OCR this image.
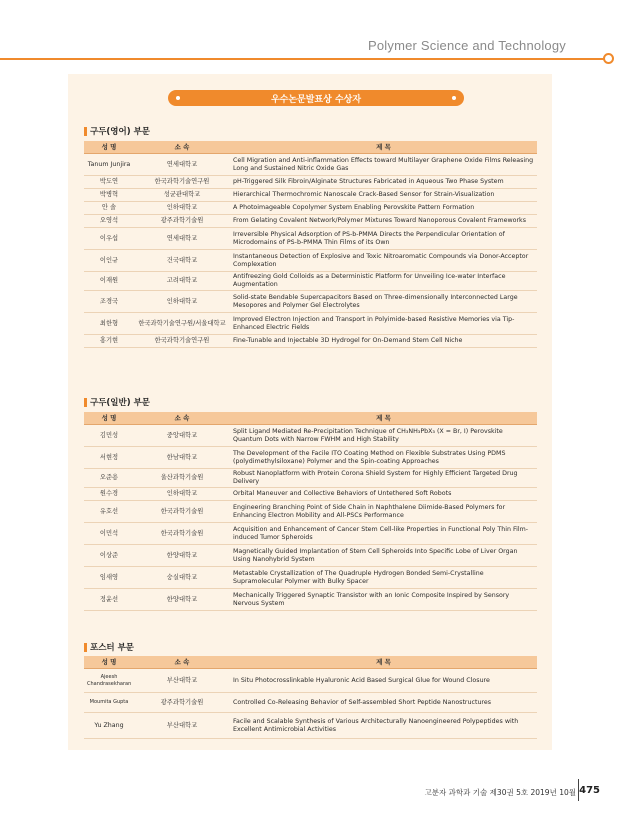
Polymer Science and Technology
우수논문발표상 수상자
구두(영어) 부문
성 명	소 속	제 목
Tanum Junjira	연세대학교	Cell Migration and Anti-inflammation Effects toward Multilayer Graphene Oxide Films Releasing Long and Sustained Nitric Oxide Gas
박도연	한국과학기술연구원	pH-Triggered Silk Fibroin/Alginate Structures Fabricated in Aqueous Two Phase System
박병혁	성균관대학교	Hierarchical Thermochromic Nanoscale Crack-Based Sensor for Strain-Visualization
안 솔	인하대학교	A Photoimageable Copolymer System Enabling Perovskite Pattern Formation
오영석	광주과학기술원	From Gelating Covalent Network/Polymer Mixtures Toward Nanoporous Covalent Frameworks
이우섭	연세대학교	Irreversible Physical Adsorption of PS-b-PMMA Directs the Perpendicular Orientation of Microdomains of PS-b-PMMA Thin Films of its Own
이인규	건국대학교	Instantaneous Detection of Explosive and Toxic Nitroaromatic Compounds via Donor-Acceptor Complexation
이재원	고려대학교	Antifreezing Gold Colloids as a Deterministic Platform for Unveiling Ice-water Interface Augmentation
조경국	인하대학교	Solid-state Bendable Supercapacitors Based on Three-dimensionally Interconnected Large Mesopores and Polymer Gel Electrolytes
최한형	한국과학기술연구원/서울대학교	Improved Electron Injection and Transport in Polyimide-based Resistive Memories via Tip-Enhanced Electric Fields
홍기현	한국과학기술연구원	Fine-Tunable and Injectable 3D Hydrogel for On-Demand Stem Cell Niche
구두(일반) 부문
성 명	소 속	제 목
김민성	중앙대학교	Split Ligand Mediated Re-Precipitation Technique of CH₃NH₃PbX₃ (X = Br, I) Perovskite Quantum Dots with Narrow FWHM and High Stability
서현정	한남대학교	The Development of the Facile ITO Coating Method on Flexible Substrates Using PDMS (polydimethylsiloxane) Polymer and the Spin-coating Approaches
오준용	울산과학기술원	Robust Nanoplatform with Protein Corona Shield System for Highly Efficient Targeted Drug Delivery
원수경	인하대학교	Orbital Maneuver and Collective Behaviors of Untethered Soft Robots
유호선	한국과학기술원	Engineering Branching Point of Side Chain in Naphthalene Diimide-Based Polymers for Enhancing Electron Mobility and All-PSCs Performance
이민석	한국과학기술원	Acquisition and Enhancement of Cancer Stem Cell-like Properties in Functional Poly Thin Film-induced Tumor Spheroids
이상준	한양대학교	Magnetically Guided Implantation of Stem Cell Spheroids Into Specific Lobe of Liver Organ Using Nanohybrid System
임새영	숭실대학교	Metastable Crystallization of The Quadruple Hydrogen Bonded Semi-Crystalline Supramolecular Polymer with Bulky Spacer
정윤선	한양대학교	Mechanically Triggered Synaptic Transistor with an Ionic Composite Inspired by Sensory Nervous System
포스터 부문
성 명	소 속	제 목
Ajeesh Chandrasekharan	부산대학교	In Situ Photocrosslinkable Hyaluronic Acid Based Surgical Glue for Wound Closure
Moumita Gupta	광주과학기술원	Controlled Co-Releasing Behavior of Self-assembled Short Peptide Nanostructures
Yu Zhang	부산대학교	Facile and Scalable Synthesis of Various Architecturally Nanoengineered Polypeptides with Excellent Antimicrobial Activities
고분자 과학과 기술 제30권 5호 2019년 10월 475
